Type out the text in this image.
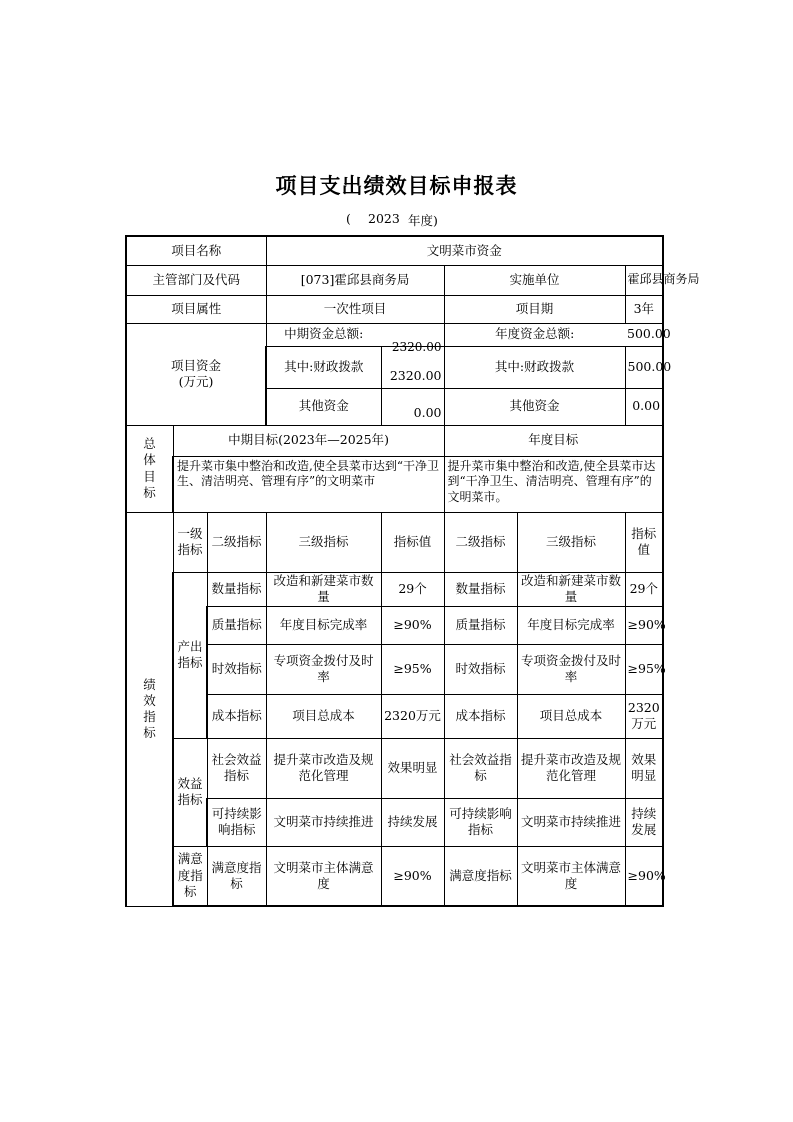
项目支出绩效目标申报表
( 2023 年度)
项目名称			文明菜市资金				
主管部门及代码			[073]霍邱县商务局		实施单位		霍邱县商务局
项目属性			一次性项目		项目期		3年

项目资金
(万元)			中期资金总额:	2320.00	年度资金总额:		500.00
			其中:财政拨款	2320.00	其中:财政拨款		500.00
			其他资金	0.00	其他资金		0.00
总体目标	中期目标(2023年—2025年)				年度目标		
	提升菜市集中整治和改造,使全县菜市达到“干净卫生、清洁明亮、管理有序”的文明菜市				提升菜市集中整治和改造,使全县菜市达到“干净卫生、清洁明亮、管理有序”的文明菜市。		
绩效指标	一级指标	二级指标	三级指标	指标值	二级指标	三级指标	指标值
	产出指标	数量指标	改造和新建菜市数量	29个	数量指标	改造和新建菜市数量	29个
		质量指标	年度目标完成率	≥90%	质量指标	年度目标完成率	≥90%
		时效指标	专项资金拨付及时率	≥95%	时效指标	专项资金拨付及时率	≥95%
		成本指标	项目总成本	2320万元	成本指标	项目总成本	2320万元
	效益指标	社会效益指标	提升菜市改造及规范化管理	效果明显	社会效益指标	提升菜市改造及规范化管理	效果明显
		可持续影响指标	文明菜市持续推进	持续发展	可持续影响指标	文明菜市持续推进	持续发展
	满意度指标	满意度指标	文明菜市主体满意度	≥90%	满意度指标	文明菜市主体满意度	≥90%
